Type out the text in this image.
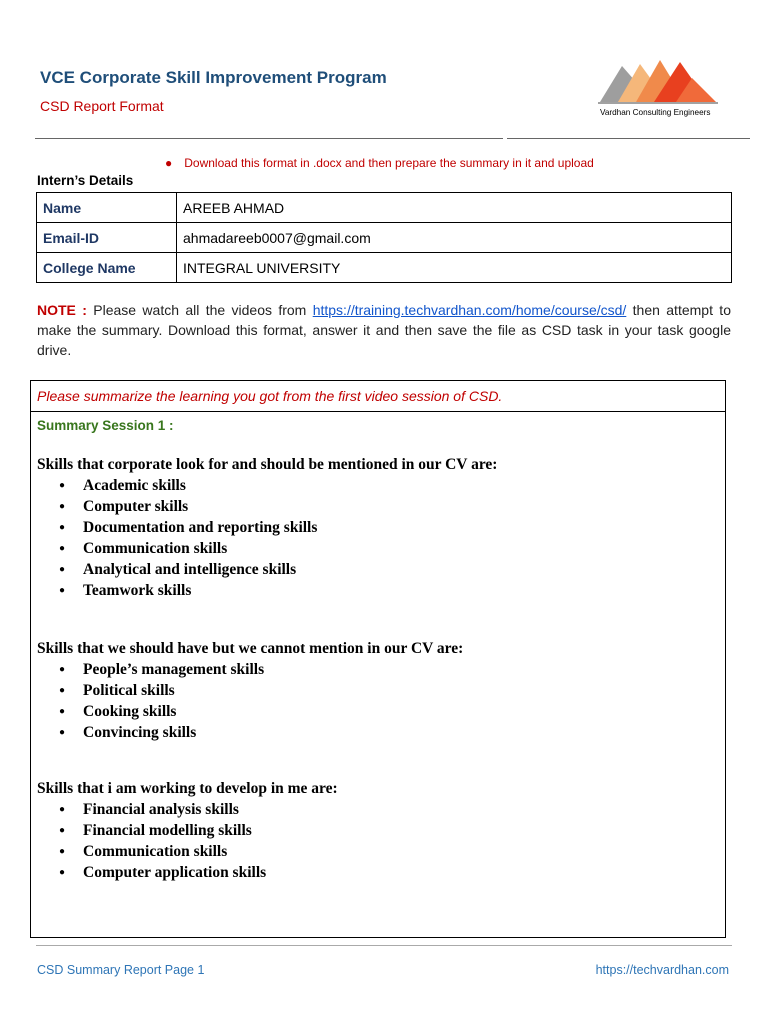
VCE Corporate Skill Improvement Program
CSD Report Format	Vardhan Consulting Engineers
● Download this format in .docx and then prepare the summary in it and upload
Intern’s Details
Name	AREEB AHMAD
Email-ID	ahmadareeb0007@gmail.com
College Name	INTEGRAL UNIVERSITY
NOTE : Please watch all the videos from https://training.techvardhan.com/home/course/csd/ then attempt to make the summary. Download this format, answer it and then save the file as CSD task in your task google drive.
Please summarize the learning you got from the first video session of CSD.
Summary Session 1 :
Skills that corporate look for and should be mentioned in our CV are:
● Academic skills
● Computer skills
● Documentation and reporting skills
● Communication skills
● Analytical and intelligence skills
● Teamwork skills
Skills that we should have but we cannot mention in our CV are:
● People’s management skills
● Political skills
● Cooking skills
● Convincing skills
Skills that i am working to develop in me are:
● Financial analysis skills
● Financial modelling skills
● Communication skills
● Computer application skills
CSD Summary Report Page 1	https://techvardhan.com
